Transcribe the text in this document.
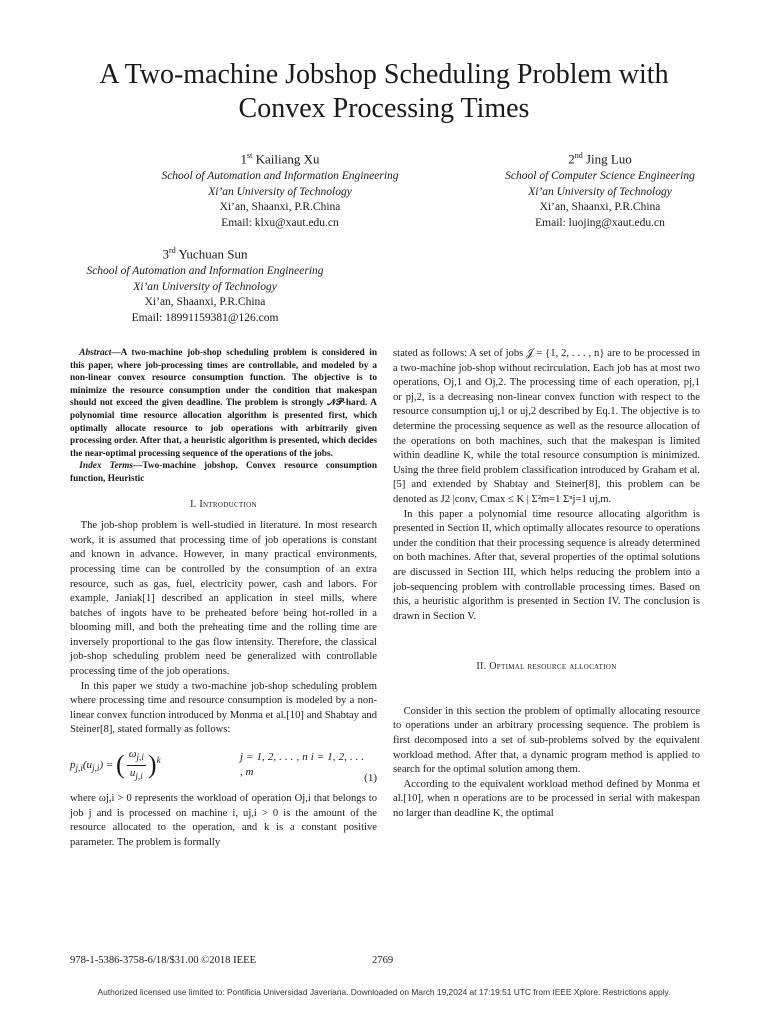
A Two-machine Jobshop Scheduling Problem with
Convex Processing Times
1st Kailiang Xu
School of Automation and Information Engineering
Xi’an University of Technology
Xi’an, Shaanxi, P.R.China
Email: klxu@xaut.edu.cn
2nd Jing Luo
School of Computer Science Engineering
Xi’an University of Technology
Xi’an, Shaanxi, P.R.China
Email: luojing@xaut.edu.cn
3rd Yuchuan Sun
School of Automation and Information Engineering
Xi’an University of Technology
Xi’an, Shaanxi, P.R.China
Email: 18991159381@126.com

Abstract—A two-machine job-shop scheduling problem is considered in this paper, where job-processing times are controllable, and modeled by a non-linear convex resource consumption function. The objective is to minimize the resource consumption under the condition that makespan should not exceed the given deadline. The problem is strongly 𝒩𝒫-hard. A polynomial time resource allocation algorithm is presented first, which optimally allocate resource to job operations with arbitrarily given processing order. After that, a heuristic algorithm is presented, which decides the near-optimal processing sequence of the operations of the jobs.

Index Terms—Two-machine jobshop, Convex resource consumption function, Heuristic

I. Introduction

The job-shop problem is well-studied in literature. In most research work, it is assumed that processing time of job operations is constant and known in advance. However, in many practical environments, processing time can be controlled by the consumption of an extra resource, such as gas, fuel, electricity power, cash and labors. For example, Janiak[1] described an application in steel mills, where batches of ingots have to be preheated before being hot-rolled in a blooming mill, and both the preheating time and the rolling time are inversely proportional to the gas flow intensity. Therefore, the classical job-shop scheduling problem need be generalized with controllable processing time of the job operations.

In this paper we study a two-machine job-shop scheduling problem where processing time and resource consumption is modeled by a non-linear convex function introduced by Monma et al.[10] and Shabtay and Steiner[8], stated formally as follows:

$p_{j,i}(u_{j,i})$ = ( $\frac{\omega_{j,i}}{u_{j,i}} )^k$	j = 1, 2, . . . , n i = 1, 2, . . . , m
(1)

where ωj,i > 0 represents the workload of operation Oj,i that belongs to job j and is processed on machine i, uj,i > 0 is the amount of the resource allocated to the operation, and k is a constant positive parameter. The problem is formally

stated as follows: A set of jobs 𝒥 = {1, 2, . . . , n} are to be processed in a two-machine job-shop without recirculation. Each job has at most two operations, Oj,1 and Oj,2. The processing time of each operation, pj,1 or pj,2, is a decreasing non-linear convex function with respect to the resource consumption uj,1 or uj,2 described by Eq.1. The objective is to determine the processing sequence as well as the resource allocation of the operations on both machines, such that the makespan is limited within deadline K, while the total resource consumption is minimized. Using the three field problem classification introduced by Graham et al.[5] and extended by Shabtay and Steiner[8], this problem can be denoted as J2 |conv, Cmax ≤ K | Σ²m=1 Σⁿj=1 uj,m.

In this paper a polynomial time resource allocating algorithm is presented in Section II, which optimally allocates resource to operations under the condition that their processing sequence is already determined on both machines. After that, several properties of the optimal solutions are discussed in Section III, which helps reducing the problem into a job-sequencing problem with controllable processing times. Based on this, a heuristic algorithm is presented in Section IV. The conclusion is drawn in Section V.

II. Optimal resource allocation

Consider in this section the problem of optimally allocating resource to operations under an arbitrary processing sequence. The problem is first decomposed into a set of sub-problems solved by the equivalent workload method. After that, a dynamic program method is applied to search for the optimal solution among them.

According to the equivalent workload method defined by Monma et al.[10], when n operations are to be processed in serial with makespan no larger than deadline K, the optimal

978-1-5386-3758-6/18/$31.00 ©2018 IEEE	2769
Authorized licensed use limited to: Pontificia Universidad Javeriana. Downloaded on March 19,2024 at 17:19:51 UTC from IEEE Xplore. Restrictions apply.
